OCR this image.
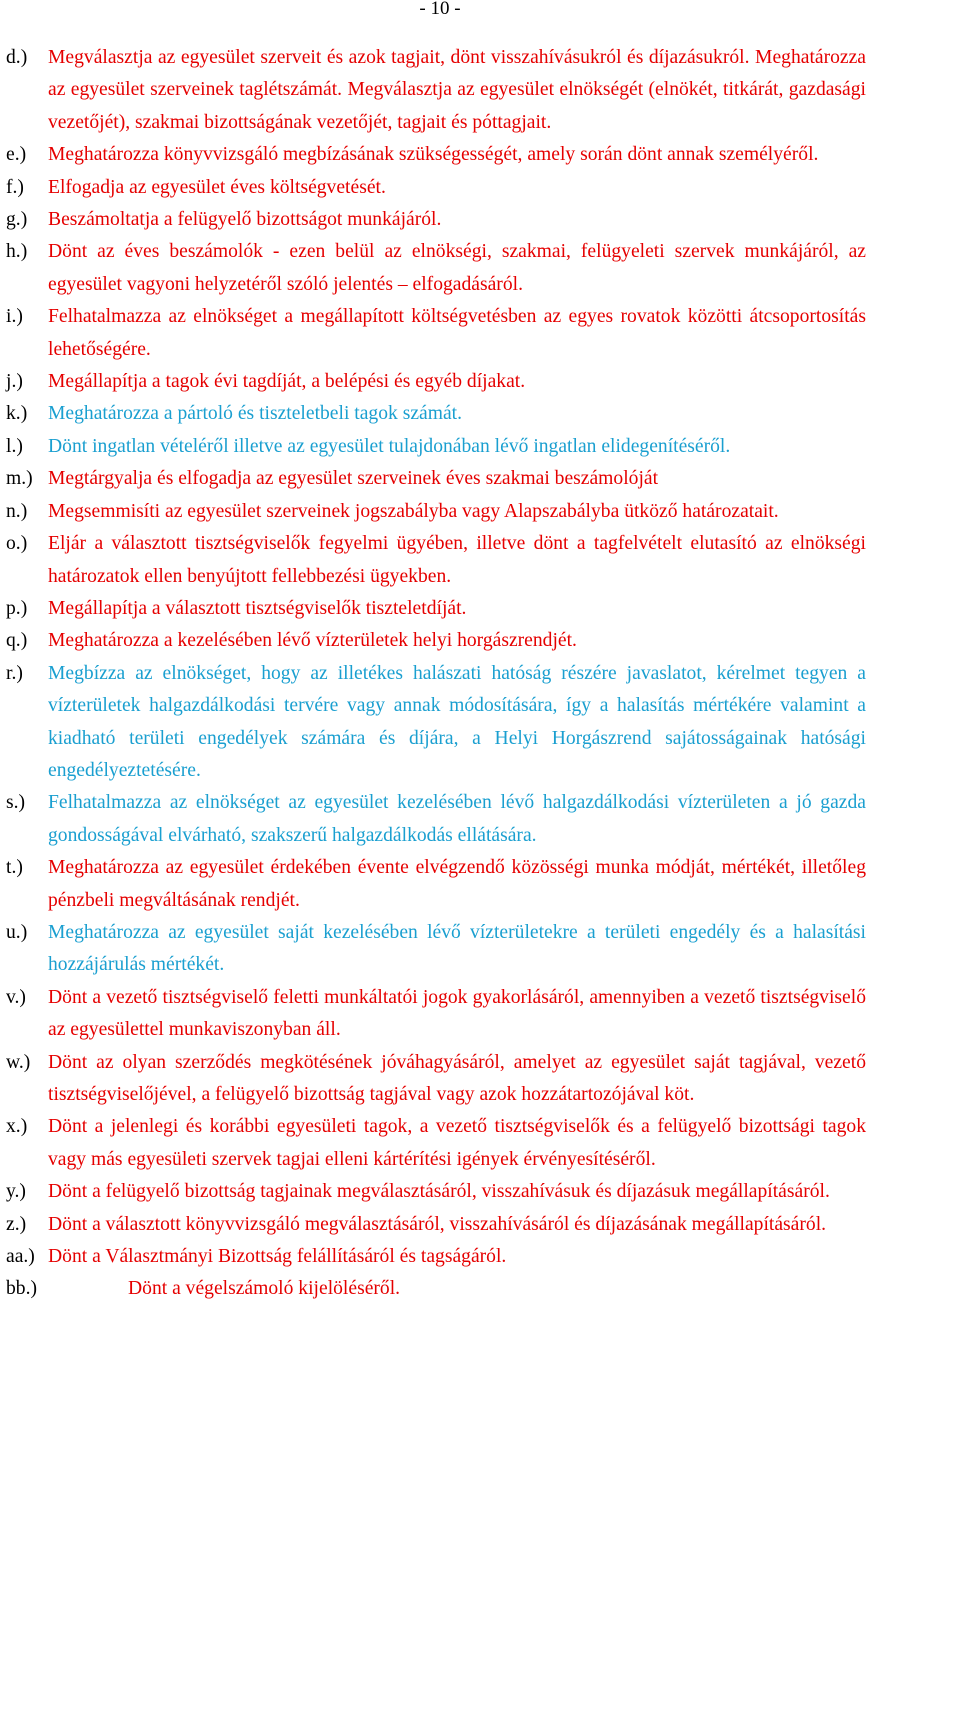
- 10 -
d.)	Megválasztja az egyesület szerveit és azok tagjait, dönt visszahívásukról és díjazásukról. Meghatározza az egyesület szerveinek taglétszámát. Megválasztja az egyesület elnökségét (elnökét, titkárát, gazdasági vezetőjét), szakmai bizottságának vezetőjét, tagjait és póttagjait.

e.)	Meghatározza könyvvizsgáló megbízásának szükségességét, amely során dönt annak személyéről.

f.)	Elfogadja az egyesület éves költségvetését.

g.)	Beszámoltatja a felügyelő bizottságot munkájáról.

h.)	Dönt az éves beszámolók - ezen belül az elnökségi, szakmai, felügyeleti szervek munkájáról, az egyesület vagyoni helyzetéről szóló jelentés – elfogadásáról.

i.)	Felhatalmazza az elnökséget a megállapított költségvetésben az egyes rovatok közötti átcsoportosítás lehetőségére.

j.)	Megállapítja a tagok évi tagdíját, a belépési és egyéb díjakat.

k.)	Meghatározza a pártoló és tiszteletbeli tagok számát.

l.)	Dönt ingatlan vételéről illetve az egyesület tulajdonában lévő ingatlan elidegenítéséről.

m.) Megtárgyalja és elfogadja az egyesület szerveinek éves szakmai beszámolóját

n.)	Megsemmisíti az egyesület szerveinek jogszabályba vagy Alapszabályba ütköző határozatait.

o.)	Eljár a választott tisztségviselők fegyelmi ügyében, illetve dönt a tagfelvételt elutasító az elnökségi határozatok ellen benyújtott fellebbezési ügyekben.

p.)	Megállapítja a választott tisztségviselők tiszteletdíját.

q.)	Meghatározza a kezelésében lévő vízterületek helyi horgászrendjét.

r.)	Megbízza az elnökséget, hogy az illetékes halászati hatóság részére javaslatot, kérelmet tegyen a vízterületek halgazdálkodási tervére vagy annak módosítására, így a halasítás mértékére valamint a kiadható területi engedélyek számára és díjára, a Helyi Horgászrend sajátosságainak hatósági engedélyeztetésére.

s.)	Felhatalmazza az elnökséget az egyesület kezelésében lévő halgazdálkodási vízterületen a jó gazda gondosságával elvárható, szakszerű halgazdálkodás ellátására.

t.)	Meghatározza az egyesület érdekében évente elvégzendő közösségi munka módját, mértékét, illetőleg pénzbeli megváltásának rendjét.

u.)	Meghatározza az egyesület saját kezelésében lévő vízterületekre a területi engedély és a halasítási hozzájárulás mértékét.

v.)	Dönt a vezető tisztségviselő feletti munkáltatói jogok gyakorlásáról, amennyiben a vezető tisztségviselő az egyesülettel munkaviszonyban áll.

w.) Dönt az olyan szerződés megkötésének jóváhagyásáról, amelyet az egyesület saját tagjával, vezető tisztségviselőjével, a felügyelő bizottság tagjával vagy azok hozzátartozójával köt.

x.)	Dönt a jelenlegi és korábbi egyesületi tagok, a vezető tisztségviselők és a felügyelő bizottsági tagok vagy más egyesületi szervek tagjai elleni kártérítési igények érvényesítéséről.

y.)	Dönt a felügyelő bizottság tagjainak megválasztásáról, visszahívásuk és díjazásuk megállapításáról.

z.)	Dönt a választott könyvvizsgáló megválasztásáról, visszahívásáról és díjazásának megállapításáról.

aa.) Dönt a Választmányi Bizottság felállításáról és tagságáról.

bb.)	Dönt a végelszámoló kijelöléséről.
